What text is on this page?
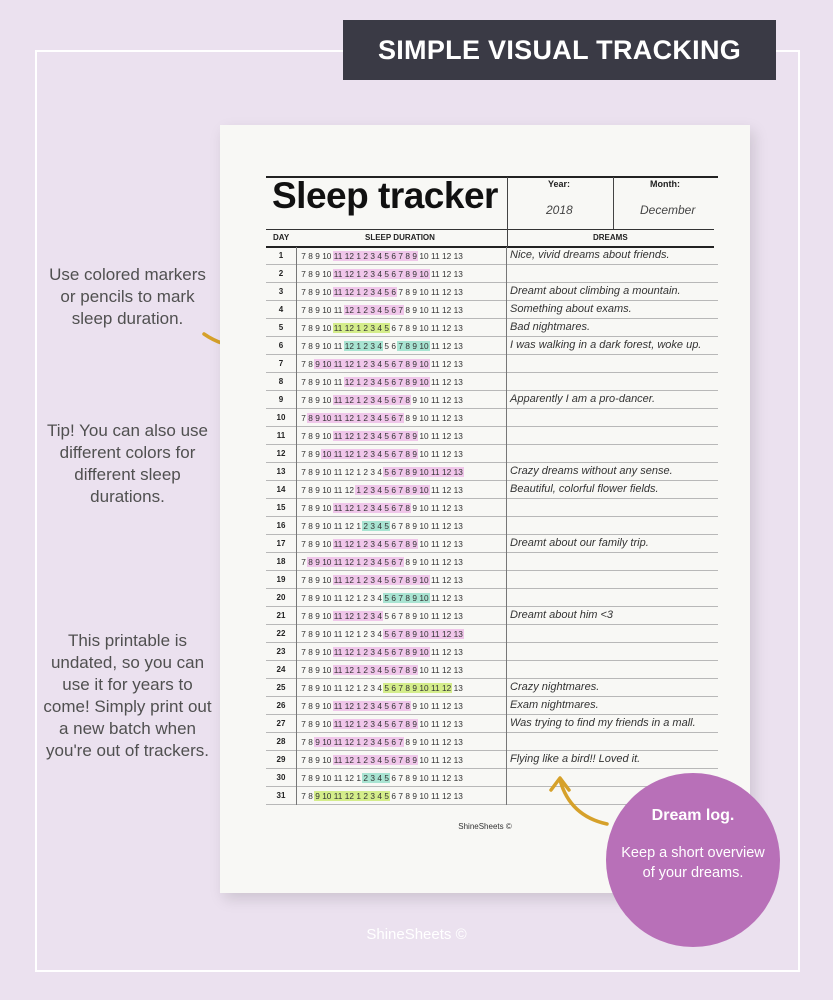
SIMPLE VISUAL TRACKING
Use colored markers or pencils to mark sleep duration.
Tip! You can also use different colors for different sleep durations.
This printable is undated, so you can use it for years to come! Simply print out a new batch when you're out of trackers.
Sleep tracker	Year:
2018
Month:
December
DAY	SLEEP DURATION	DREAMS
1	7 8 9 10 11 12 1 2 3 4 5 6 7 8 9 10 11 12 13	Nice, vivid dreams about friends.
2	7 8 9 10 11 12 1 2 3 4 5 6 7 8 9 10 11 12 13
3	7 8 9 10 11 12 1 2 3 4 5 6 7 8 9 10 11 12 13	Dreamt about climbing a mountain.
4	7 8 9 10 11 12 1 2 3 4 5 6 7 8 9 10 11 12 13	Something about exams.
5	7 8 9 10 11 12 1 2 3 4 5 6 7 8 9 10 11 12 13	Bad nightmares.
6	7 8 9 10 11 12 1 2 3 4 5 6 7 8 9 10 11 12 13	I was walking in a dark forest, woke up.
7	7 8 9 10 11 12 1 2 3 4 5 6 7 8 9 10 11 12 13
8	7 8 9 10 11 12 1 2 3 4 5 6 7 8 9 10 11 12 13
9	7 8 9 10 11 12 1 2 3 4 5 6 7 8 9 10 11 12 13	Apparently I am a pro-dancer.
10	7 8 9 10 11 12 1 2 3 4 5 6 7 8 9 10 11 12 13
11	7 8 9 10 11 12 1 2 3 4 5 6 7 8 9 10 11 12 13
12	7 8 9 10 11 12 1 2 3 4 5 6 7 8 9 10 11 12 13
13	7 8 9 10 11 12 1 2 3 4 5 6 7 8 9 10 11 12 13	Crazy dreams without any sense.
14	7 8 9 10 11 12 1 2 3 4 5 6 7 8 9 10 11 12 13	Beautiful, colorful flower fields.
15	7 8 9 10 11 12 1 2 3 4 5 6 7 8 9 10 11 12 13
16	7 8 9 10 11 12 1 2 3 4 5 6 7 8 9 10 11 12 13
17	7 8 9 10 11 12 1 2 3 4 5 6 7 8 9 10 11 12 13	Dreamt about our family trip.
18	7 8 9 10 11 12 1 2 3 4 5 6 7 8 9 10 11 12 13
19	7 8 9 10 11 12 1 2 3 4 5 6 7 8 9 10 11 12 13
20	7 8 9 10 11 12 1 2 3 4 5 6 7 8 9 10 11 12 13
21	7 8 9 10 11 12 1 2 3 4 5 6 7 8 9 10 11 12 13	Dreamt about him <3
22	7 8 9 10 11 12 1 2 3 4 5 6 7 8 9 10 11 12 13
23	7 8 9 10 11 12 1 2 3 4 5 6 7 8 9 10 11 12 13
24	7 8 9 10 11 12 1 2 3 4 5 6 7 8 9 10 11 12 13
25	7 8 9 10 11 12 1 2 3 4 5 6 7 8 9 10 11 12 13	Crazy nightmares.
26	7 8 9 10 11 12 1 2 3 4 5 6 7 8 9 10 11 12 13	Exam nightmares.
27	7 8 9 10 11 12 1 2 3 4 5 6 7 8 9 10 11 12 13	Was trying to find my friends in a mall.
28	7 8 9 10 11 12 1 2 3 4 5 6 7 8 9 10 11 12 13
29	7 8 9 10 11 12 1 2 3 4 5 6 7 8 9 10 11 12 13	Flying like a bird!! Loved it.
30	7 8 9 10 11 12 1 2 3 4 5 6 7 8 9 10 11 12 13
31	7 8 9 10 11 12 1 2 3 4 5 6 7 8 9 10 11 12 13
ShineSheets ©
Dream log.
Keep a short overview of your dreams.
ShineSheets ©
